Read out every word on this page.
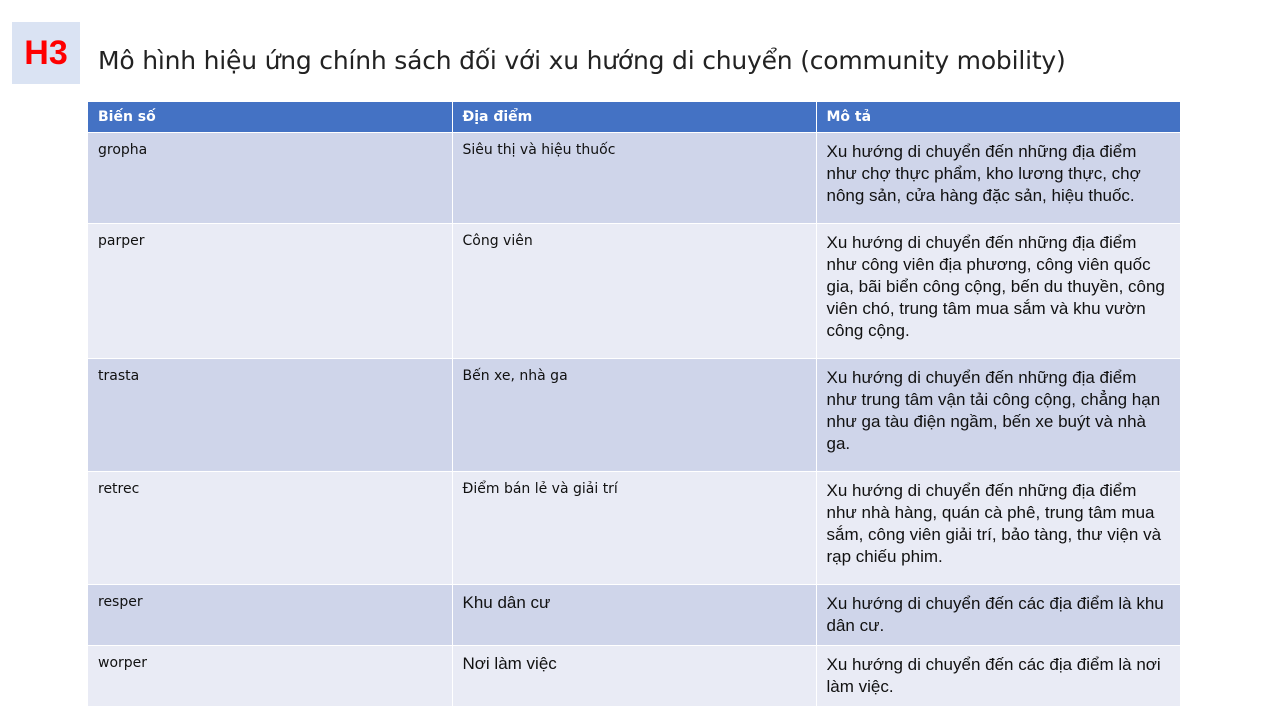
H3	Mô hình hiệu ứng chính sách đối với xu hướng di chuyển (community mobility)
Biến số	Địa điểm	Mô tả
gropha	Siêu thị và hiệu thuốc	Xu hướng di chuyển đến những địa điểm như chợ thực phẩm, kho lương thực, chợ nông sản, cửa hàng đặc sản, hiệu thuốc.
parper	Công viên	Xu hướng di chuyển đến những địa điểm như công viên địa phương, công viên quốc gia, bãi biển công cộng, bến du thuyền, công viên chó, trung tâm mua sắm và khu vườn công cộng.
trasta	Bến xe, nhà ga	Xu hướng di chuyển đến những địa điểm như trung tâm vận tải công cộng, chẳng hạn như ga tàu điện ngầm, bến xe buýt và nhà ga.
retrec	Điểm bán lẻ và giải trí	Xu hướng di chuyển đến những địa điểm như nhà hàng, quán cà phê, trung tâm mua sắm, công viên giải trí, bảo tàng, thư viện và rạp chiếu phim.
resper	Khu dân cư	Xu hướng di chuyển đến các địa điểm là khu dân cư.
worper	Nơi làm việc	Xu hướng di chuyển đến các địa điểm là nơi làm việc.
